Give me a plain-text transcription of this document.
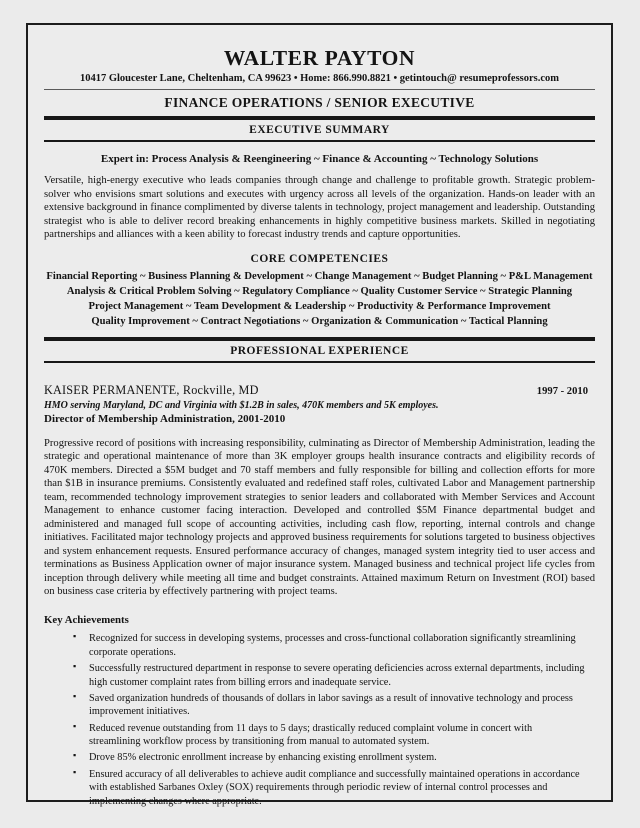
WALTER PAYTON
10417 Gloucester Lane, Cheltenham, CA 99623 • Home: 866.990.8821 • getintouch@ resumeprofessors.com
FINANCE OPERATIONS / SENIOR EXECUTIVE
EXECUTIVE SUMMARY
Expert in: Process Analysis & Reengineering ~ Finance & Accounting ~ Technology Solutions

Versatile, high-energy executive who leads companies through change and challenge to profitable growth. Strategic problem-solver who envisions smart solutions and executes with urgency across all levels of the organization. Hands-on leader with an extensive background in finance complimented by diverse talents in technology, project management and leadership. Outstanding strategist who is able to deliver record breaking enhancements in highly competitive business markets. Skilled in negotiating partnerships and alliances with a keen ability to forecast industry trends and capture opportunities.

CORE COMPETENCIES
Financial Reporting ~ Business Planning & Development ~ Change Management ~ Budget Planning ~ P&L Management
Analysis & Critical Problem Solving ~ Regulatory Compliance ~ Quality Customer Service ~ Strategic Planning
Project Management ~ Team Development & Leadership ~ Productivity & Performance Improvement
Quality Improvement ~ Contract Negotiations ~ Organization & Communication ~ Tactical Planning
PROFESSIONAL EXPERIENCE
KAISER PERMANENTE, Rockville, MD	1997 - 2010
HMO serving Maryland, DC and Virginia with $1.2B in sales, 470K members and 5K employes.
Director of Membership Administration, 2001-2010

Progressive record of positions with increasing responsibility, culminating as Director of Membership Administration, leading the strategic and operational maintenance of more than 3K employer groups health insurance contracts and eligibility records of 470K members. Directed a $5M budget and 70 staff members and fully responsible for billing and collection efforts for more than $1B in insurance premiums. Consistently evaluated and redefined staff roles, cultivated Labor and Management partnership team, recommended technology improvement strategies to senior leaders and collaborated with Member Services and Account Management to enhance customer facing interaction. Developed and controlled $5M Finance departmental budget and administered and managed full scope of accounting activities, including cash flow, reporting, internal controls and change initiatives. Facilitated major technology projects and approved business requirements for solutions targeted to business objectives and system enhancement requests. Ensured performance accuracy of changes, managed system integrity tied to user access and terminations as Business Application owner of major insurance system. Managed business and technical project life cycles from inception through delivery while meeting all time and budget constraints. Attained maximum Return on Investment (ROI) based on business case criteria by effectively partnering with project teams.

Key Achievements
▪ Recognized for success in developing systems, processes and cross-functional collaboration significantly streamlining corporate operations.
▪ Successfully restructured department in response to severe operating deficiencies across external departments, including high customer complaint rates from billing errors and inadequate service.
▪ Saved organization hundreds of thousands of dollars in labor savings as a result of innovative technology and process improvement initiatives.
▪ Reduced revenue outstanding from 11 days to 5 days; drastically reduced complaint volume in concert with streamlining workflow process by transitioning from manual to automated system.
▪ Drove 85% electronic enrollment increase by enhancing existing enrollment system.
▪ Ensured accuracy of all deliverables to achieve audit compliance and successfully maintained operations in accordance with established Sarbanes Oxley (SOX) requirements through periodic review of internal control processes and implementing changes where appropriate.
